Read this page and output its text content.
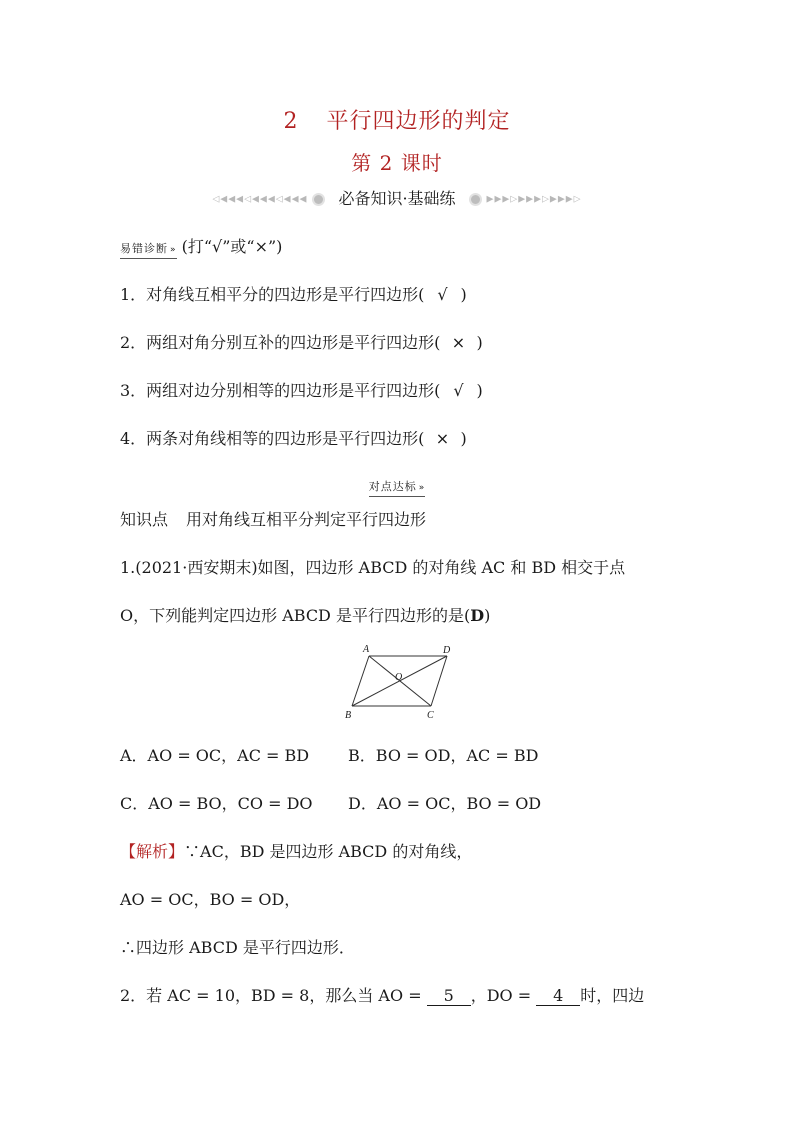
2 平行四边形的判定
第 2 课时
◁◀◀◀◁◀◀◀◁◀◀◀ 必备知识·基础练	▶▶▶▷▶▶▶▷▶▶▶▷
易错诊断 » (打“√”或“×”)
1．对角线互相平分的四边形是平行四边形( √ )
2．两组对角分别互补的四边形是平行四边形( × )
3．两组对边分别相等的四边形是平行四边形( √ )
4．两条对角线相等的四边形是平行四边形( × )
对点达标 »
知识点 用对角线互相平分判定平行四边形
1.(2021·西安期末)如图，四边形 ABCD 的对角线 AC 和 BD 相交于点
O，下列能判定四边形 ABCD 是平行四边形的是(D)
A	D
O
B	C
A．AO = OC，AC = BD B．BO = OD，AC = BD
C．AO = BO，CO = DO D．AO = OC，BO = OD
【解析】∵AC，BD 是四边形 ABCD 的对角线，
AO = OC，BO = OD，
∴四边形 ABCD 是平行四边形．
2．若 AC = 10，BD = 8，那么当 AO = 5 ，DO = 4 时，四边
